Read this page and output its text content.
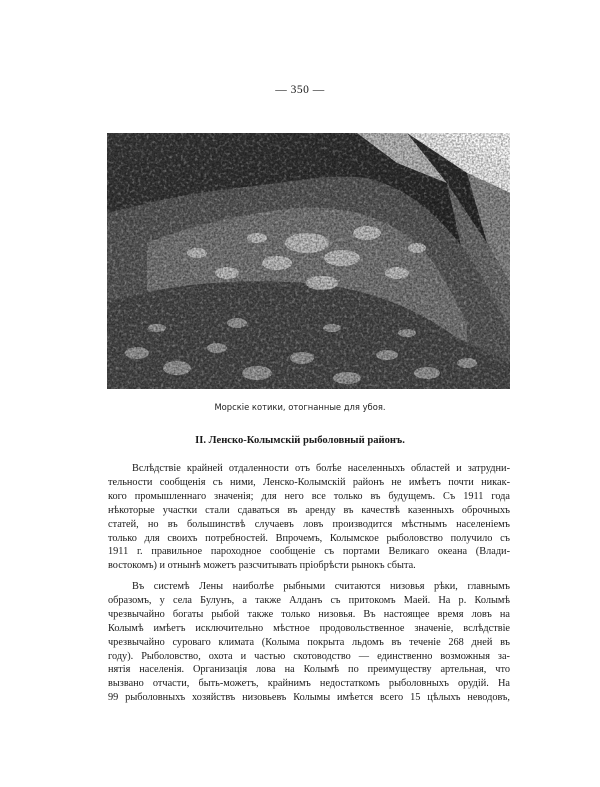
— 350 —
Морскіе котики, отогнанные для убоя.
II. Ленско-Колымскій рыболовный районъ.
Вслѣдствіе крайней отдаленности отъ болѣе населенныхъ областей и затрудни-
тельности сообщенія съ ними, Ленско-Колымскій районъ не имѣетъ почти никак-
кого промышленнаго значенія; для него все только въ будущемъ. Съ 1911 года
нѣкоторые участки стали сдаваться въ аренду въ качествѣ казенныхъ оброчныхъ
статей, но въ большинствѣ случаевъ ловъ производится мѣстнымъ населеніемъ
только для своихъ потребностей. Впрочемъ, Колымское рыболовство получило съ
1911 г. правильное пароходное сообщеніе съ портами Великаго океана (Влади-
востокомъ) и отнынѣ можетъ разсчитывать пріобрѣсти рынокъ сбыта.
Въ системѣ Лены наиболѣе рыбными считаются низовья рѣки, главнымъ
образомъ, у села Булунъ, а также Алданъ съ притокомъ Маей. На р. Колымѣ
чрезвычайно богаты рыбой также только низовья. Въ настоящее время ловъ на
Колымѣ имѣетъ исключительно мѣстное продовольственное значеніе, вслѣдствіе
чрезвычайно суроваго климата (Колыма покрыта льдомъ въ теченіе 268 дней въ
году). Рыболовство, охота и частью скотоводство — единственно возможныя за-
нятія населенія. Организація лова на Колымѣ по преимуществу артельная, что
вызвано отчасти, быть-можетъ, крайнимъ недостаткомъ рыболовныхъ орудій. На
99 рыболовныхъ хозяйствъ низовьевъ Колымы имѣется всего 15 цѣлыхъ неводовъ,
